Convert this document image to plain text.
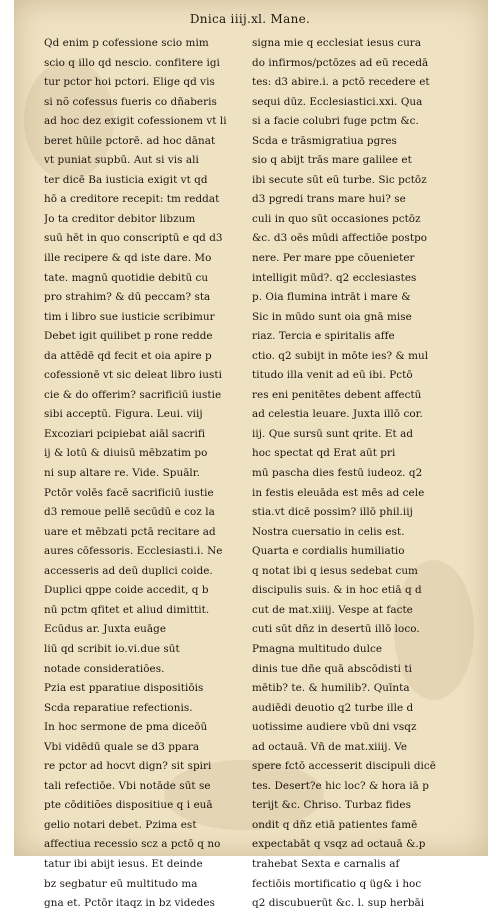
Dnica iiij.xl. Mane.
Qd enim p cofessione scio mim
scio q illo qd nescio. confitere igi
tur pctor hoi pctori. Elige qd vis
si nõ cofessus fueris co dñaberis
ad hoc dez exigit cofessionem vt li
beret hūile pctorē. ad hoc dānat
vt puniat supbū. Aut si vis ali
ter dicē Ba iusticia exigit vt qd
hō a creditore recepit: tm reddat
Jo ta creditor debitor libzum
suū hēt in quo conscriptū e qd d3
ille recipere & qd iste dare. Mo
tate. magnū quotidie debitū cu
pro strahim? & dū peccam? sta
tim i libro sue iusticie scribimur
Debet igit quilibet p rone redde
da attēdē qd fecit et oia apire p
cofessionē vt sic deleat libro iusti
cie & do offerim? sacrificiū iustie
sibi acceptū. Figura. Leui. viij
Excoziari pcipiebat aiāl sacrifi
ij & lotū & diuisū mēbzatim po
ni sup altare re. Vide. Spuālr.
Pctōr volēs facē sacrificiū iustie
d3 remoue pellē secūdū e coz la
uare et mēbzati pctā recitare ad
aures cōfessoris. Ecclesiasti.i. Ne
accesseris ad deū duplici coide.
Duplici qppe coide accedit, q b
nū pctm qfitet et aliud dimittit.
Ecūdus ar. Juxta euāge
liū qd scribit io.vi.due sūt
notade consideratiōes.
Pzia est pparatiue dispositiōis
Scda reparatiue refectionis.
In hoc sermone de pma diceōū
Vbi vidēdū quale se d3 ppara
re pctor ad hocvt dign? sit spiri
tali refectiōe. Vbi notāde sūt se
pte cōditiões dispositiue q i euā
gelio notari debet. Pzima est
affectiua recessio scz a pctō q no
tatur ibi abijt iesus. Et deinde
bz segbatur eū multitudo ma
gna et. Pctōr itaqz in bz videdes
signa mie q ecclesiat iesus cura
do infirmos/pctōzes ad eū recedā
tes: d3 abire.i. a pctō recedere et
sequi dūz. Ecclesiastici.xxi. Qua
si a facie colubri fuge pctm &c.
Scda e trāsmigratiua pgres
sio q abijt trās mare galilee et
ibi secute sūt eū turbe. Sic pctōz
d3 pgredi trans mare hui? se
culi in quo sūt occasiones pctōz
&c. d3 oēs mūdi affectiōe postpo
nere. Per mare ppe cōuenieter
intelligit mūd?. q2 ecclesiastes
p. Oia flumina intrāt i mare &
Sic in mūdo sunt oia gnā mise
riaz. Tercia e spiritalis affe
ctio. q2 subijt in mōte ies? & mul
titudo illa venit ad eū ibi. Pctō
res eni penitētes debent affectū
ad celestia leuare. Juxta illō cor.
iij. Que sursū sunt qrite. Et ad
hoc spectat qd Erat aūt pri
mū pascha dies festū iudeoz. q2
in festis eleuāda est mēs ad cele
stia.vt dicē possim? illō phil.iij
Nostra cuersatio in celis est.
Quarta e cordialis humiliatio
q notat ibi q iesus sedebat cum
discipulis suis. & in hoc etiā q d
cut de mat.xiiij. Vespe at facte
cuti sūt dñz in desertū illō loco.
Pmagna multitudo dulce
dinis tue dñe quā abscōdisti ti
mētib? te. & humilib?. Quīnta
audiēdi deuotio q2 turbe ille d
uotissime audiere vbū dni vsqz
ad octauā. Vñ de mat.xiiij. Ve
spere fctō accesserit discipuli dicē
tes. Desert?e hic loc? & hora iā p
terijt &c. Chriso. Turbaz fides
ondit q dñz etiā patientes famē
expectabāt q vsqz ad octauā &.p
trahebat Sexta e carnalis af
fectiōis mortificatio q üg& i hoc
q2 discubuerūt &c. l. sup herbāi
